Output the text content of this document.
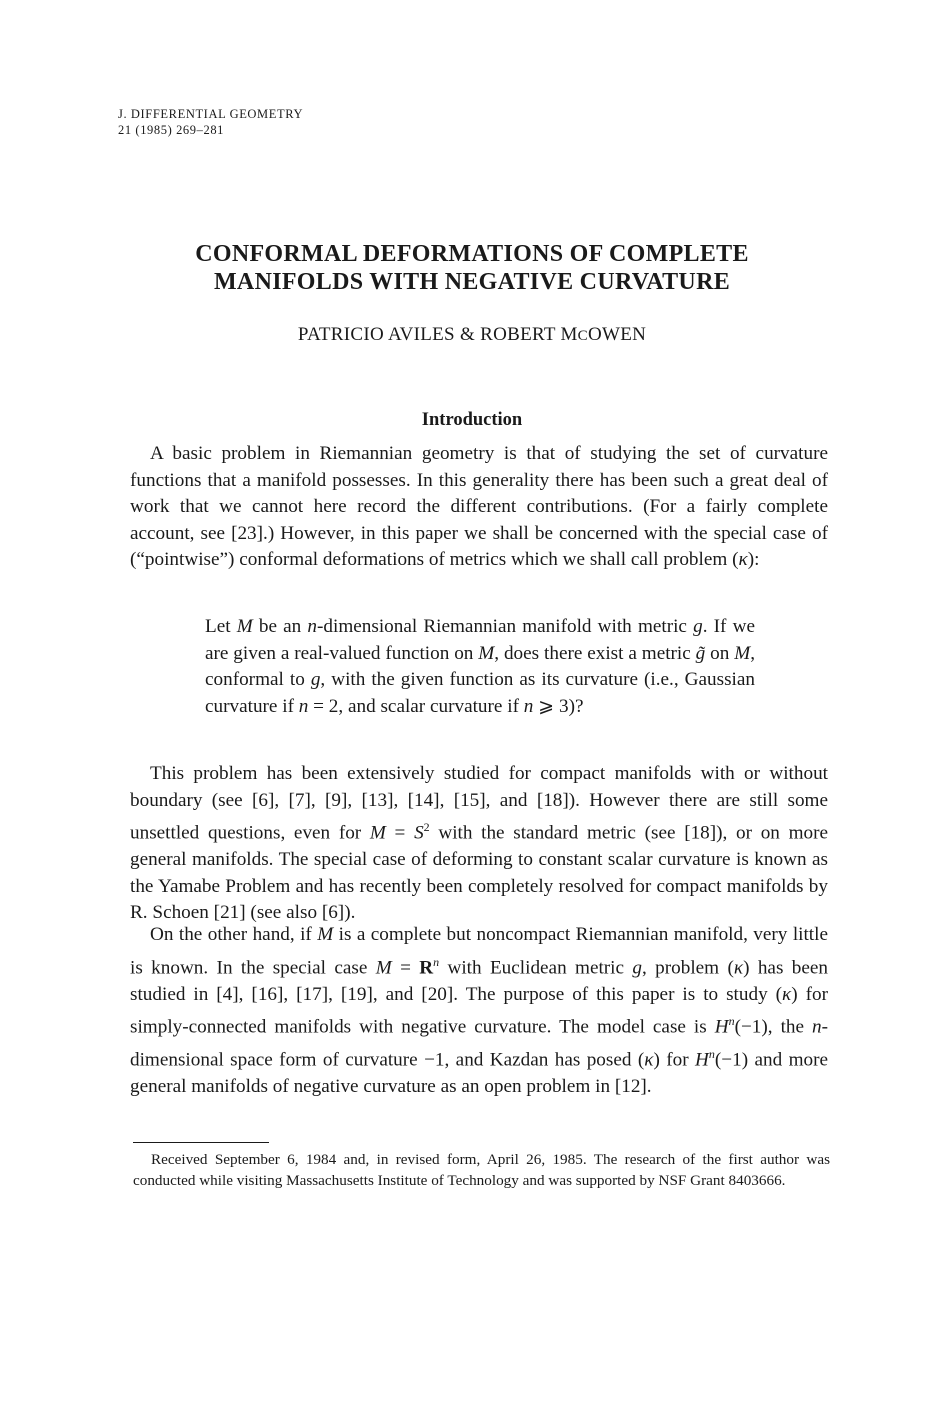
J. DIFFERENTIAL GEOMETRY
21 (1985) 269–281
CONFORMAL DEFORMATIONS OF COMPLETE
MANIFOLDS WITH NEGATIVE CURVATURE
PATRICIO AVILES & ROBERT MCOWEN
Introduction

A basic problem in Riemannian geometry is that of studying the set of curvature functions that a manifold possesses. In this generality there has been such a great deal of work that we cannot here record the different contributions. (For a fairly complete account, see [23].) However, in this paper we shall be concerned with the special case of (“pointwise”) conformal deformations of metrics which we shall call problem (κ):

Let M be an n-dimensional Riemannian manifold with metric g. If we are given a real-valued function on M, does there exist a metric g̃ on M, conformal to g, with the given function as its curvature (i.e., Gaussian curvature if n = 2, and scalar curvature if n ⩾ 3)?

This problem has been extensively studied for compact manifolds with or without boundary (see [6], [7], [9], [13], [14], [15], and [18]). However there are still some unsettled questions, even for $M = S^2$ with the standard metric (see [18]), or on more general manifolds. The special case of deforming to constant scalar curvature is known as the Yamabe Problem and has recently been completely resolved for compact manifolds by R. Schoen [21] (see also [6]).

On the other hand, if M is a complete but noncompact Riemannian manifold, very little is known. In the special case $M = R^n$ with Euclidean metric g, problem (κ) has been studied in [4], [16], [17], [19], and [20]. The purpose of this paper is to study (κ) for simply-connected manifolds with negative curvature. The model case is $H^n(-1)$, the n-dimensional space form of curvature −1, and Kazdan has posed (κ) for $H^n(-1)$ and more general manifolds of negative curvature as an open problem in [12].

Received September 6, 1984 and, in revised form, April 26, 1985. The research of the first author was conducted while visiting Massachusetts Institute of Technology and was supported by NSF Grant 8403666.
